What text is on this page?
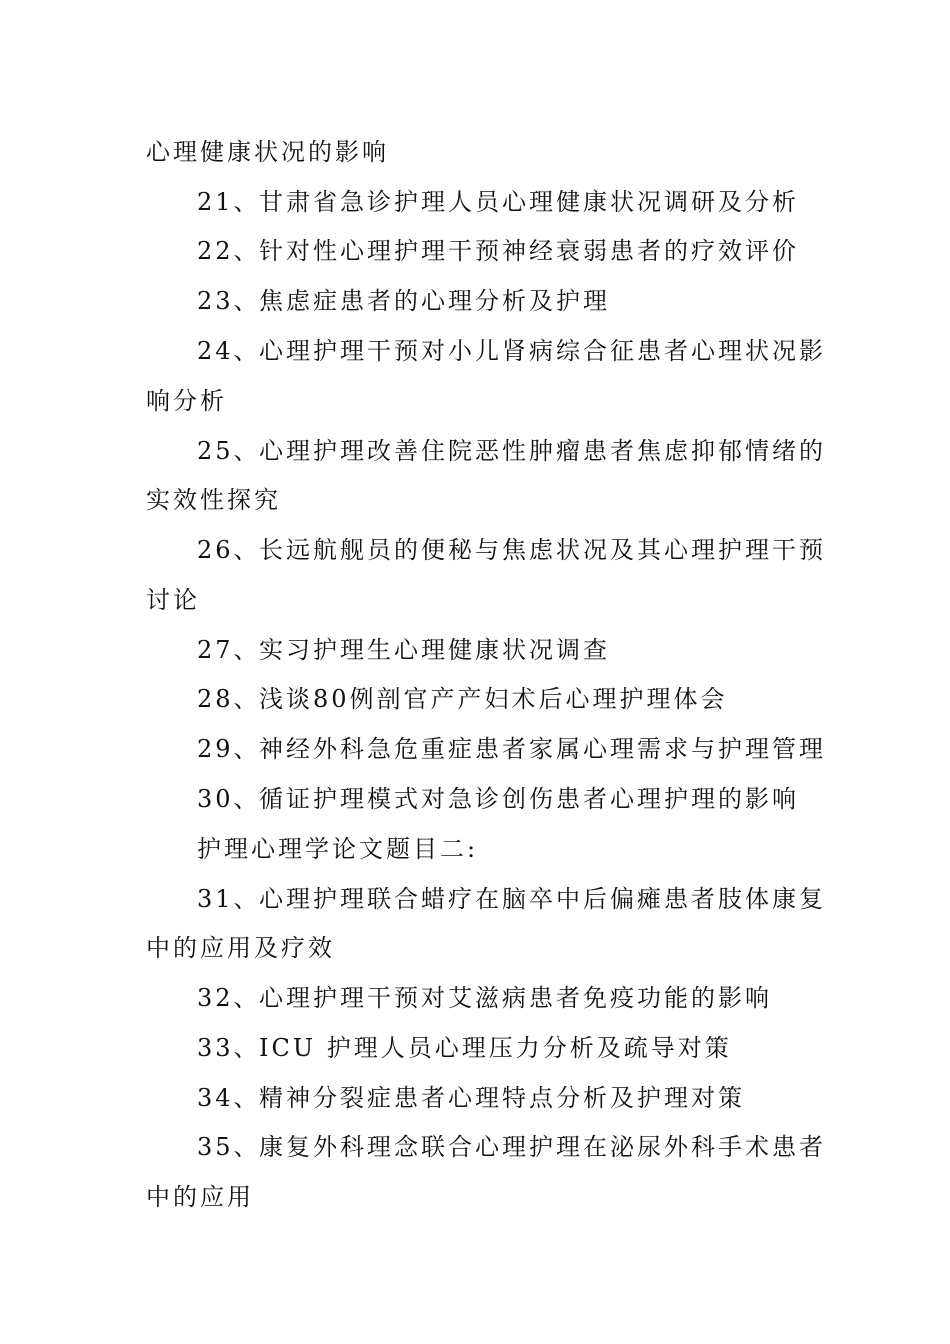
心理健康状况的影响
21、
甘肃省急诊护理人员心理健康状况调研及分析
22、
针对性心理护理干预神经衰弱患者的疗效评价
23、
焦虑症患者的心理分析及护理
24、
心理护理干预对小儿肾病综合征患者心理状况影
响分析
25、
心理护理改善住院恶性肿瘤患者焦虑抑郁情绪的
实效性探究
26、
长远航舰员的便秘与焦虑状况及其心理护理干预
讨论
27、
实习护理生心理健康状况调查
28、
浅谈80例剖官产产妇术后心理护理体会
29、
神经外科急危重症患者家属心理需求与护理管理
30、
循证护理模式对急诊创伤患者心理护理的影响
护理心理学论文题目二:
31、
心理护理联合蜡疗在脑卒中后偏瘫患者肢体康复
中的应用及疗效
32、
心理护理干预对艾滋病患者免疫功能的影响
33、
ICU 护理人员心理压力分析及疏导对策
34、
精神分裂症患者心理特点分析及护理对策
35、
康复外科理念联合心理护理在泌尿外科手术患者
中的应用
